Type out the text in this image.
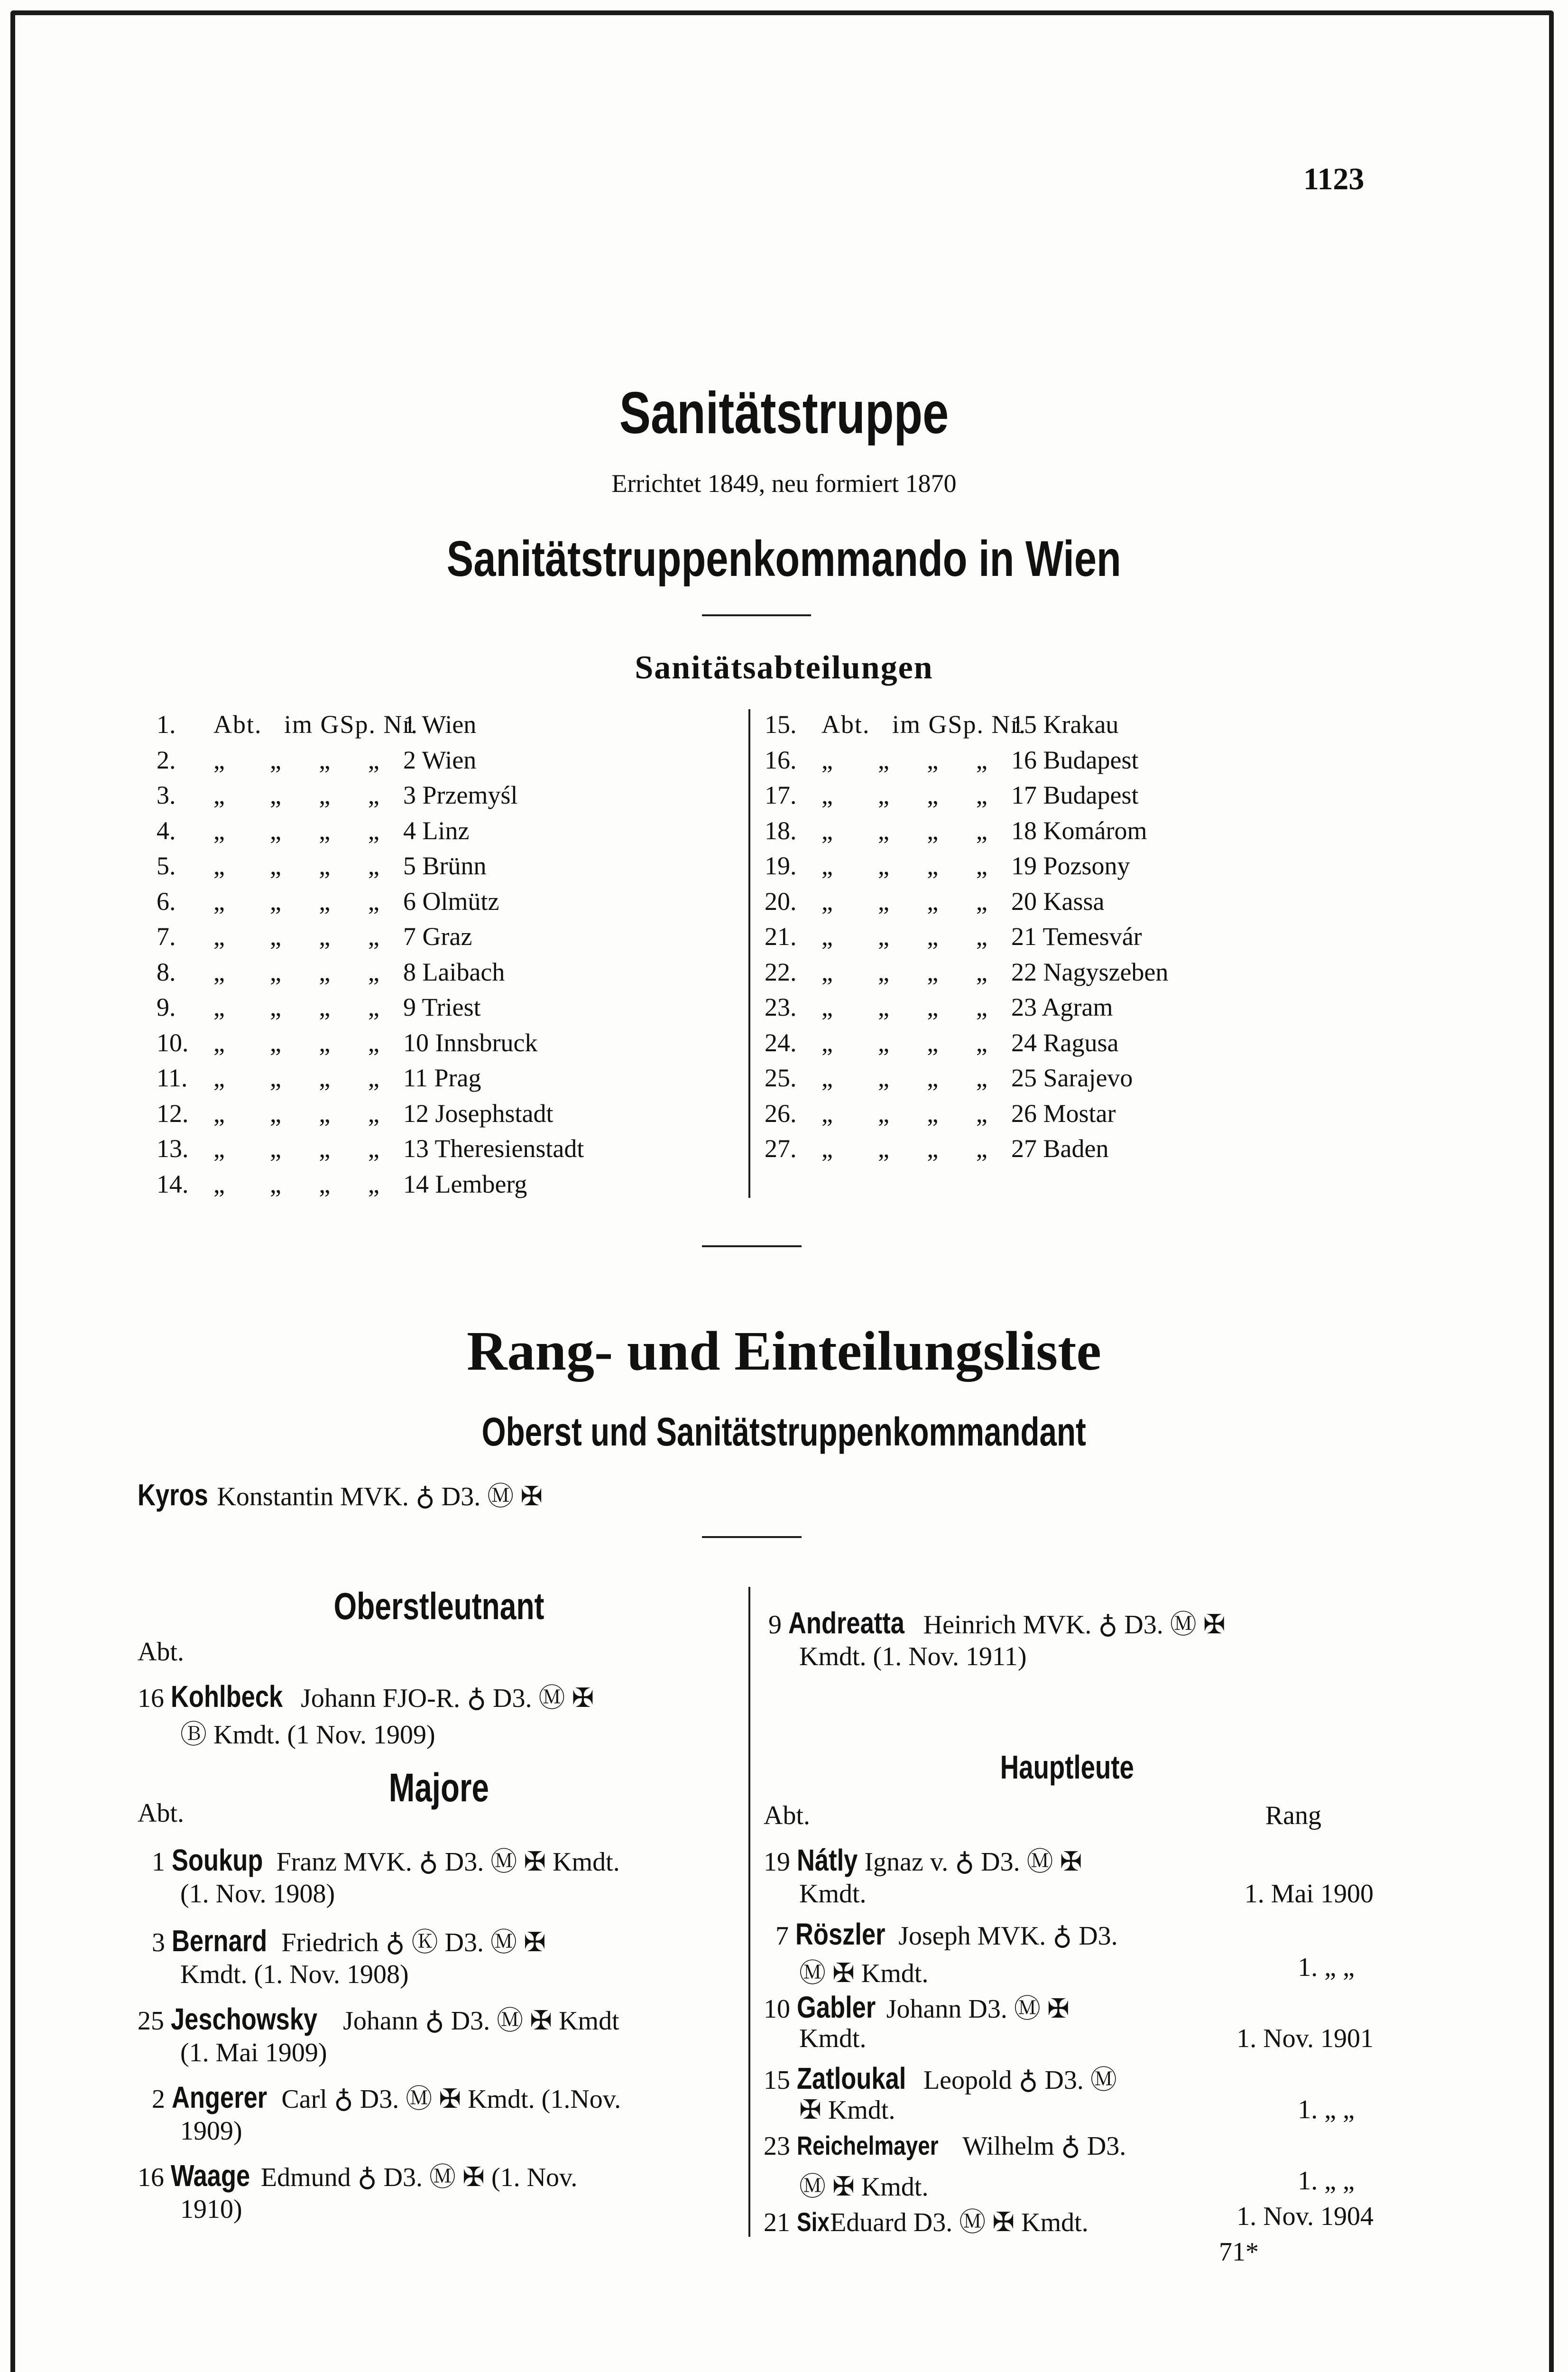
1123
Sanitätstruppe
Errichtet 1849, neu formiert 1870
Sanitätstruppenkommando in Wien
Sanitätsabteilungen
1. Abt.   im GSp. Nr.1 Wien
2. „      „     „     „ 2 Wien
3. „      „     „     „ 3 Przemyśl
4. „      „     „     „ 4 Linz
5. „      „     „     „ 5 Brünn
6. „      „     „     „ 6 Olmütz
7. „      „     „     „ 7 Graz
8. „      „     „     „ 8 Laibach
9. „      „     „     „ 9 Triest
10. „      „     „     „ 10 Innsbruck
11. „      „     „     „ 11 Prag
12. „      „     „     „ 12 Josephstadt
13. „      „     „     „ 13 Theresienstadt
14. „      „     „     „ 14 Lemberg
15. Abt.   im GSp. Nr.15 Krakau
16. „      „     „     „ 16 Budapest
17. „      „     „     „ 17 Budapest
18. „      „     „     „ 18 Komárom
19. „      „     „     „ 19 Pozsony
20. „      „     „     „ 20 Kassa
21. „      „     „     „ 21 Temesvár
22. „      „     „     „ 22 Nagyszeben
23. „      „     „     „ 23 Agram
24. „      „     „     „ 24 Ragusa
25. „      „     „     „ 25 Sarajevo
26. „      „     „     „ 26 Mostar
27. „      „     „     „ 27 Baden
Rang- und Einteilungsliste
Oberst und Sanitätstruppenkommandant
Kyros Konstantin MVK. ♁ D3. Ⓜ ✠
Oberstleutnant
Abt.
16 Kohlbeck Johann FJO-R. ♁ D3. Ⓜ ✠
Ⓑ Kmdt. (1 Nov. 1909)
Majore
Abt.
1 Soukup Franz MVK. ♁ D3. Ⓜ ✠ Kmdt.
(1. Nov. 1908)
3 Bernard Friedrich ♁ Ⓚ D3. Ⓜ ✠
Kmdt. (1. Nov. 1908)
25 Jeschowsky Johann ♁ D3. Ⓜ ✠ Kmdt
(1. Mai 1909)
2 Angerer Carl ♁ D3. Ⓜ ✠ Kmdt. (1.Nov.
1909)
16 Waage Edmund ♁ D3. Ⓜ ✠ (1. Nov.
1910)
9 Andreatta Heinrich MVK. ♁ D3. Ⓜ ✠
Kmdt. (1. Nov. 1911)
Hauptleute
Abt.	Rang
19 Nátly Ignaz v. ♁ D3. Ⓜ ✠
Kmdt.	1. Mai 1900
7 Röszler Joseph MVK. ♁ D3.
Ⓜ ✠ Kmdt.	1. „ „
10 Gabler Johann D3. Ⓜ ✠
Kmdt.	1. Nov. 1901
15 Zatloukal Leopold ♁ D3. Ⓜ
✠ Kmdt.	1. „ „
23 Reichelmayer Wilhelm ♁ D3.
Ⓜ ✠ Kmdt.	1. „ „
21 Six Eduard D3. Ⓜ ✠ Kmdt.	1. Nov. 1904
71*
